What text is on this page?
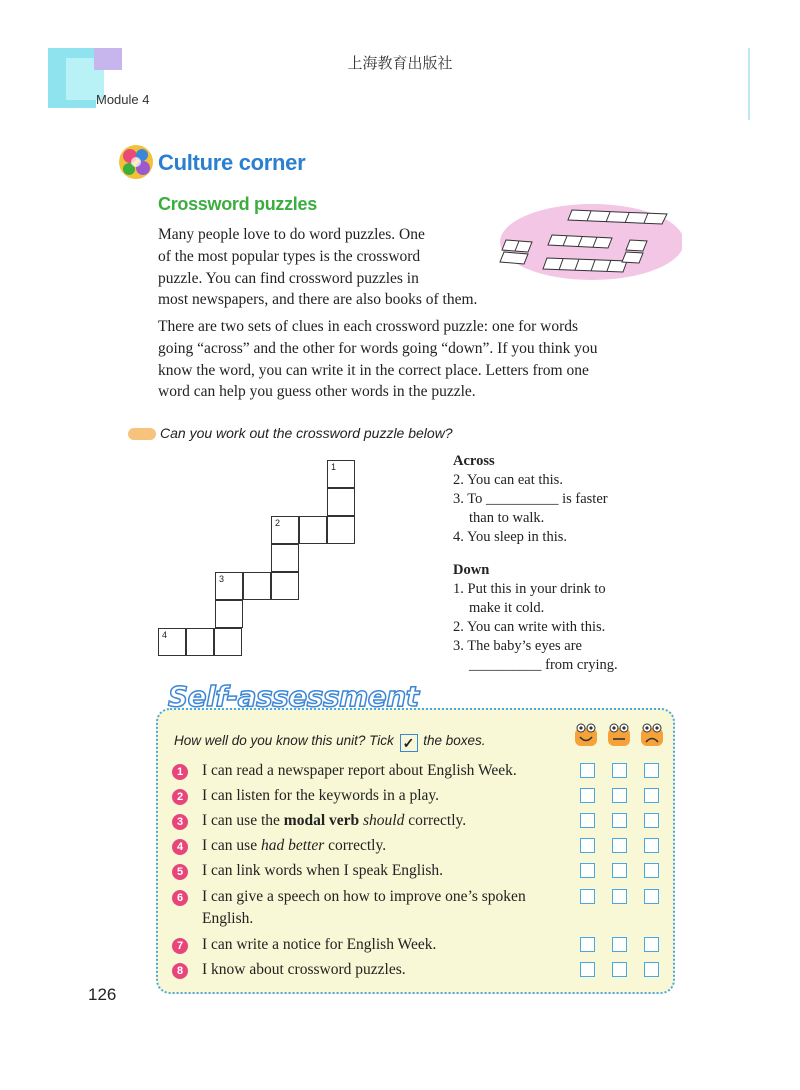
上海教育出版社
Module 4
Culture corner
Crossword puzzles
Many people love to do word puzzles. One
of the most popular types is the crossword
puzzle. You can find crossword puzzles in
most newspapers, and there are also books of them.
There are two sets of clues in each crossword puzzle: one for words
going “across” and the other for words going “down”. If you think you
know the word, you can write it in the correct place. Letters from one
word can help you guess other words in the puzzle.
Can you work out the crossword puzzle below?
1
2
3
4
Across
2. You can eat this.
3. To __________ is faster
than to walk.
4. You sleep in this.
Down
1. Put this in your drink to
make it cold.
2. You can write with this.
3. The baby’s eyes are
__________ from crying.
Self-assessment
How well do you know this unit? Tick ✓ the boxes.
1	I can read a newspaper report about English Week.
2	I can listen for the keywords in a play.
3	I can use the modal verb should correctly.
4	I can use had better correctly.
5	I can link words when I speak English.
6	I can give a speech on how to improve one’s spoken English.
7	I can write a notice for English Week.
8	I know about crossword puzzles.
126
